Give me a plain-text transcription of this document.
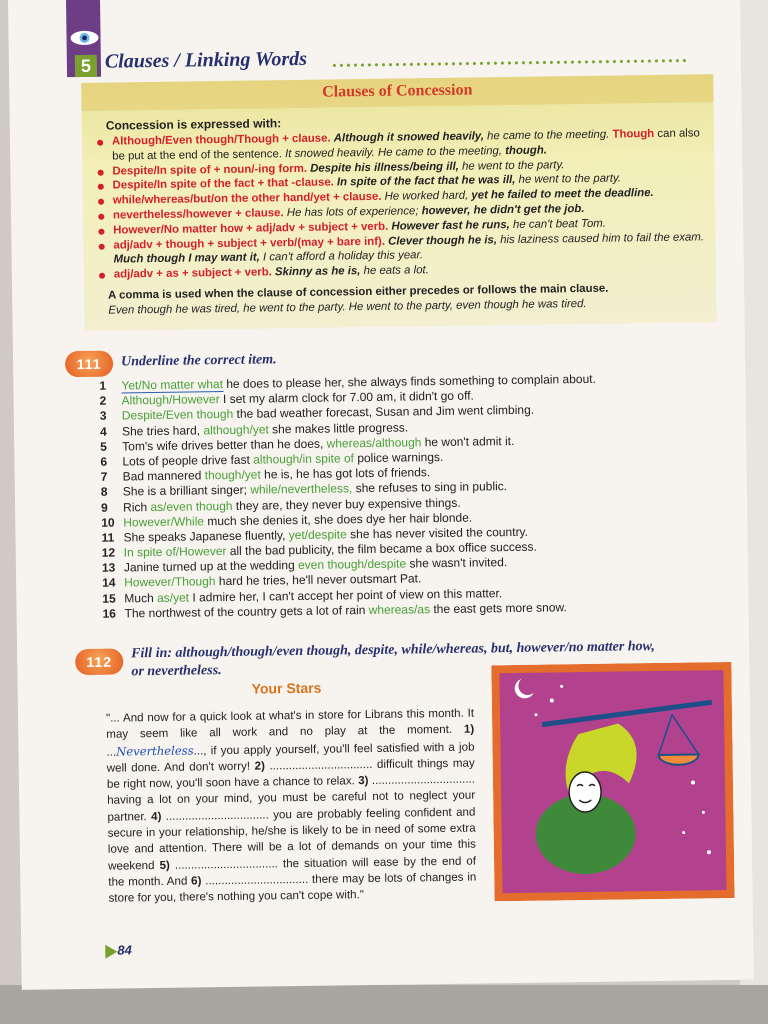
5 Clauses / Linking Words
Clauses of Concession
Concession is expressed with:
● Although/Even though/Though + clause. Although it snowed heavily, he came to the meeting. Though can also be put at the end of the sentence. It snowed heavily. He came to the meeting, though.
● Despite/In spite of + noun/-ing form. Despite his illness/being ill, he went to the party.
● Despite/In spite of the fact + that -clause. In spite of the fact that he was ill, he went to the party.
● while/whereas/but/on the other hand/yet + clause. He worked hard, yet he failed to meet the deadline.
● nevertheless/however + clause. He has lots of experience; however, he didn't get the job.
● However/No matter how + adj/adv + subject + verb. However fast he runs, he can't beat Tom.
● adj/adv + though + subject + verb/(may + bare inf). Clever though he is, his laziness caused him to fail the exam. Much though I may want it, I can't afford a holiday this year.
● adj/adv + as + subject + verb. Skinny as he is, he eats a lot.
A comma is used when the clause of concession either precedes or follows the main clause.
Even though he was tired, he went to the party. He went to the party, even though he was tired.
111	Underline the correct item.
1 Yet/No matter what he does to please her, she always finds something to complain about.
2 Although/However I set my alarm clock for 7.00 am, it didn't go off.
3 Despite/Even though the bad weather forecast, Susan and Jim went climbing.
4 She tries hard, although/yet she makes little progress.
5 Tom's wife drives better than he does, whereas/although he won't admit it.
6 Lots of people drive fast although/in spite of police warnings.
7 Bad mannered though/yet he is, he has got lots of friends.
8 She is a brilliant singer; while/nevertheless, she refuses to sing in public.
9 Rich as/even though they are, they never buy expensive things.
10 However/While much she denies it, she does dye her hair blonde.
11 She speaks Japanese fluently, yet/despite she has never visited the country.
12 In spite of/However all the bad publicity, the film became a box office success.
13 Janine turned up at the wedding even though/despite she wasn't invited.
14 However/Though hard he tries, he'll never outsmart Pat.
15 Much as/yet I admire her, I can't accept her point of view on this matter.
16 The northwest of the country gets a lot of rain whereas/as the east gets more snow.
112
Fill in: although/though/even though, despite, while/whereas, but, however/no matter how,
or nevertheless.
Your Stars
"... And now for a quick look at what's in store for Librans this month. It may seem like all work and no play at the moment. 1) ...Nevertheless..., if you apply yourself, you'll feel satisfied with a job well done. And don't worry! 2) ................................ difficult things may be right now, you'll soon have a chance to relax. 3) ................................ having a lot on your mind, you must be careful not to neglect your partner. 4) ................................ you are probably feeling confident and secure in your relationship, he/she is likely to be in need of some extra love and attention. There will be a lot of demands on your time this weekend 5) ................................ the situation will ease by the end of the month. And 6) ................................ there may be lots of changes in store for you, there's nothing you can't cope with."
84
